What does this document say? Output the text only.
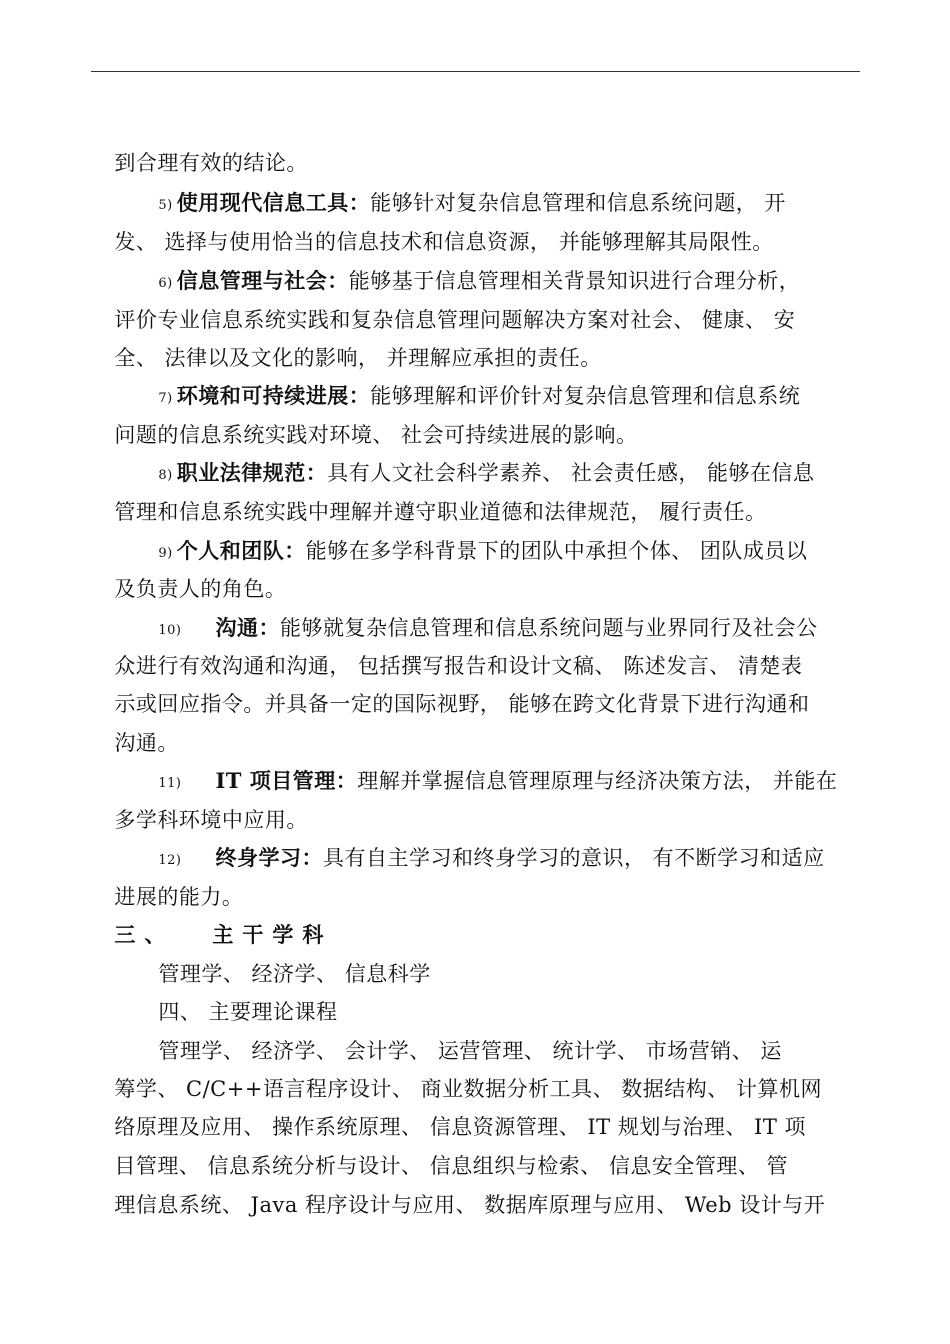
到合理有效的结论。

5) 使用现代信息工具：能够针对复杂信息管理和信息系统问题， 开

发、 选择与使用恰当的信息技术和信息资源， 并能够理解其局限性。

6) 信息管理与社会：能够基于信息管理相关背景知识进行合理分析，

评价专业信息系统实践和复杂信息管理问题解决方案对社会、 健康、 安

全、 法律以及文化的影响， 并理解应承担的责任。

7) 环境和可持续进展：能够理解和评价针对复杂信息管理和信息系统

问题的信息系统实践对环境、 社会可持续进展的影响。

8) 职业法律规范：具有人文社会科学素养、 社会责任感， 能够在信息

管理和信息系统实践中理解并遵守职业道德和法律规范， 履行责任。

9) 个人和团队：能够在多学科背景下的团队中承担个体、 团队成员以

及负责人的角色。

10) 沟通：能够就复杂信息管理和信息系统问题与业界同行及社会公

众进行有效沟通和沟通， 包括撰写报告和设计文稿、 陈述发言、 清楚表

示或回应指令。并具备一定的国际视野， 能够在跨文化背景下进行沟通和

沟通。

11) IT 项目管理：理解并掌握信息管理原理与经济决策方法， 并能在

多学科环境中应用。

12) 终身学习：具有自主学习和终身学习的意识， 有不断学习和适应

进展的能力。

三、 主干学科

管理学、 经济学、 信息科学

四、 主要理论课程

管理学、 经济学、 会计学、 运营管理、 统计学、 市场营销、 运

筹学、 C/C++语言程序设计、 商业数据分析工具、 数据结构、 计算机网

络原理及应用、 操作系统原理、 信息资源管理、 IT 规划与治理、 IT 项

目管理、 信息系统分析与设计、 信息组织与检索、 信息安全管理、 管

理信息系统、 Java 程序设计与应用、 数据库原理与应用、 Web 设计与开
